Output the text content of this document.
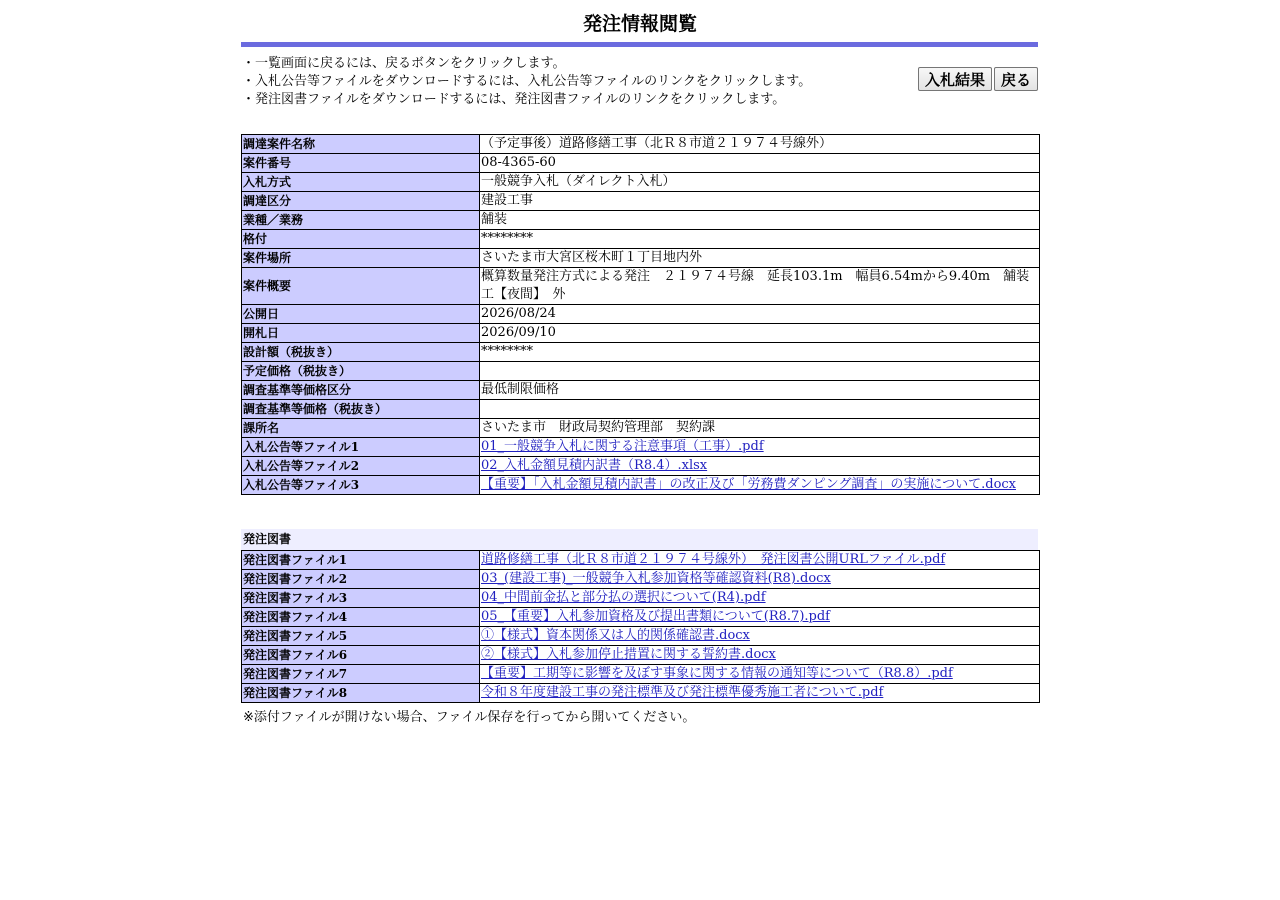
発注情報閲覧
・一覧画面に戻るには、戻るボタンをクリックします。
・入札公告等ファイルをダウンロードするには、入札公告等ファイルのリンクをクリックします。
・発注図書ファイルをダウンロードするには、発注図書ファイルのリンクをクリックします。
入札結果 戻る
調達案件名称	（予定事後）道路修繕工事（北Ｒ８市道２１９７４号線外）
案件番号	08-4365-60
入札方式	一般競争入札（ダイレクト入札）
調達区分	建設工事
業種／業務	舗装
格付	********
案件場所	さいたま市大宮区桜木町１丁目地内外
案件概要	概算数量発注方式による発注　２１９７４号線　延長103.1m　幅員6.54mから9.40m　舗装工【夜間】　外
公開日	2026/08/24
開札日	2026/09/10
設計額（税抜き）	********
予定価格（税抜き）	
調査基準等価格区分	最低制限価格
調査基準等価格（税抜き）	
課所名	さいたま市　財政局契約管理部　契約課
入札公告等ファイル1	01_一般競争入札に関する注意事項（工事）.pdf
入札公告等ファイル2	02_入札金額見積内訳書（R8.4）.xlsx
入札公告等ファイル3	【重要】「入札金額見積内訳書」の改正及び「労務費ダンピング調査」の実施について.docx
発注図書
発注図書ファイル1	道路修繕工事（北Ｒ８市道２１９７４号線外）　発注図書公開URLファイル.pdf
発注図書ファイル2	03_(建設工事)_一般競争入札参加資格等確認資料(R8).docx
発注図書ファイル3	04_中間前金払と部分払の選択について(R4).pdf
発注図書ファイル4	05_【重要】入札参加資格及び提出書類について(R8.7).pdf
発注図書ファイル5	①【様式】資本関係又は人的関係確認書.docx
発注図書ファイル6	②【様式】入札参加停止措置に関する誓約書.docx
発注図書ファイル7	【重要】工期等に影響を及ぼす事象に関する情報の通知等について（R8.8）.pdf
発注図書ファイル8	令和８年度建設工事の発注標準及び発注標準優秀施工者について.pdf
※添付ファイルが開けない場合、ファイル保存を行ってから開いてください。
